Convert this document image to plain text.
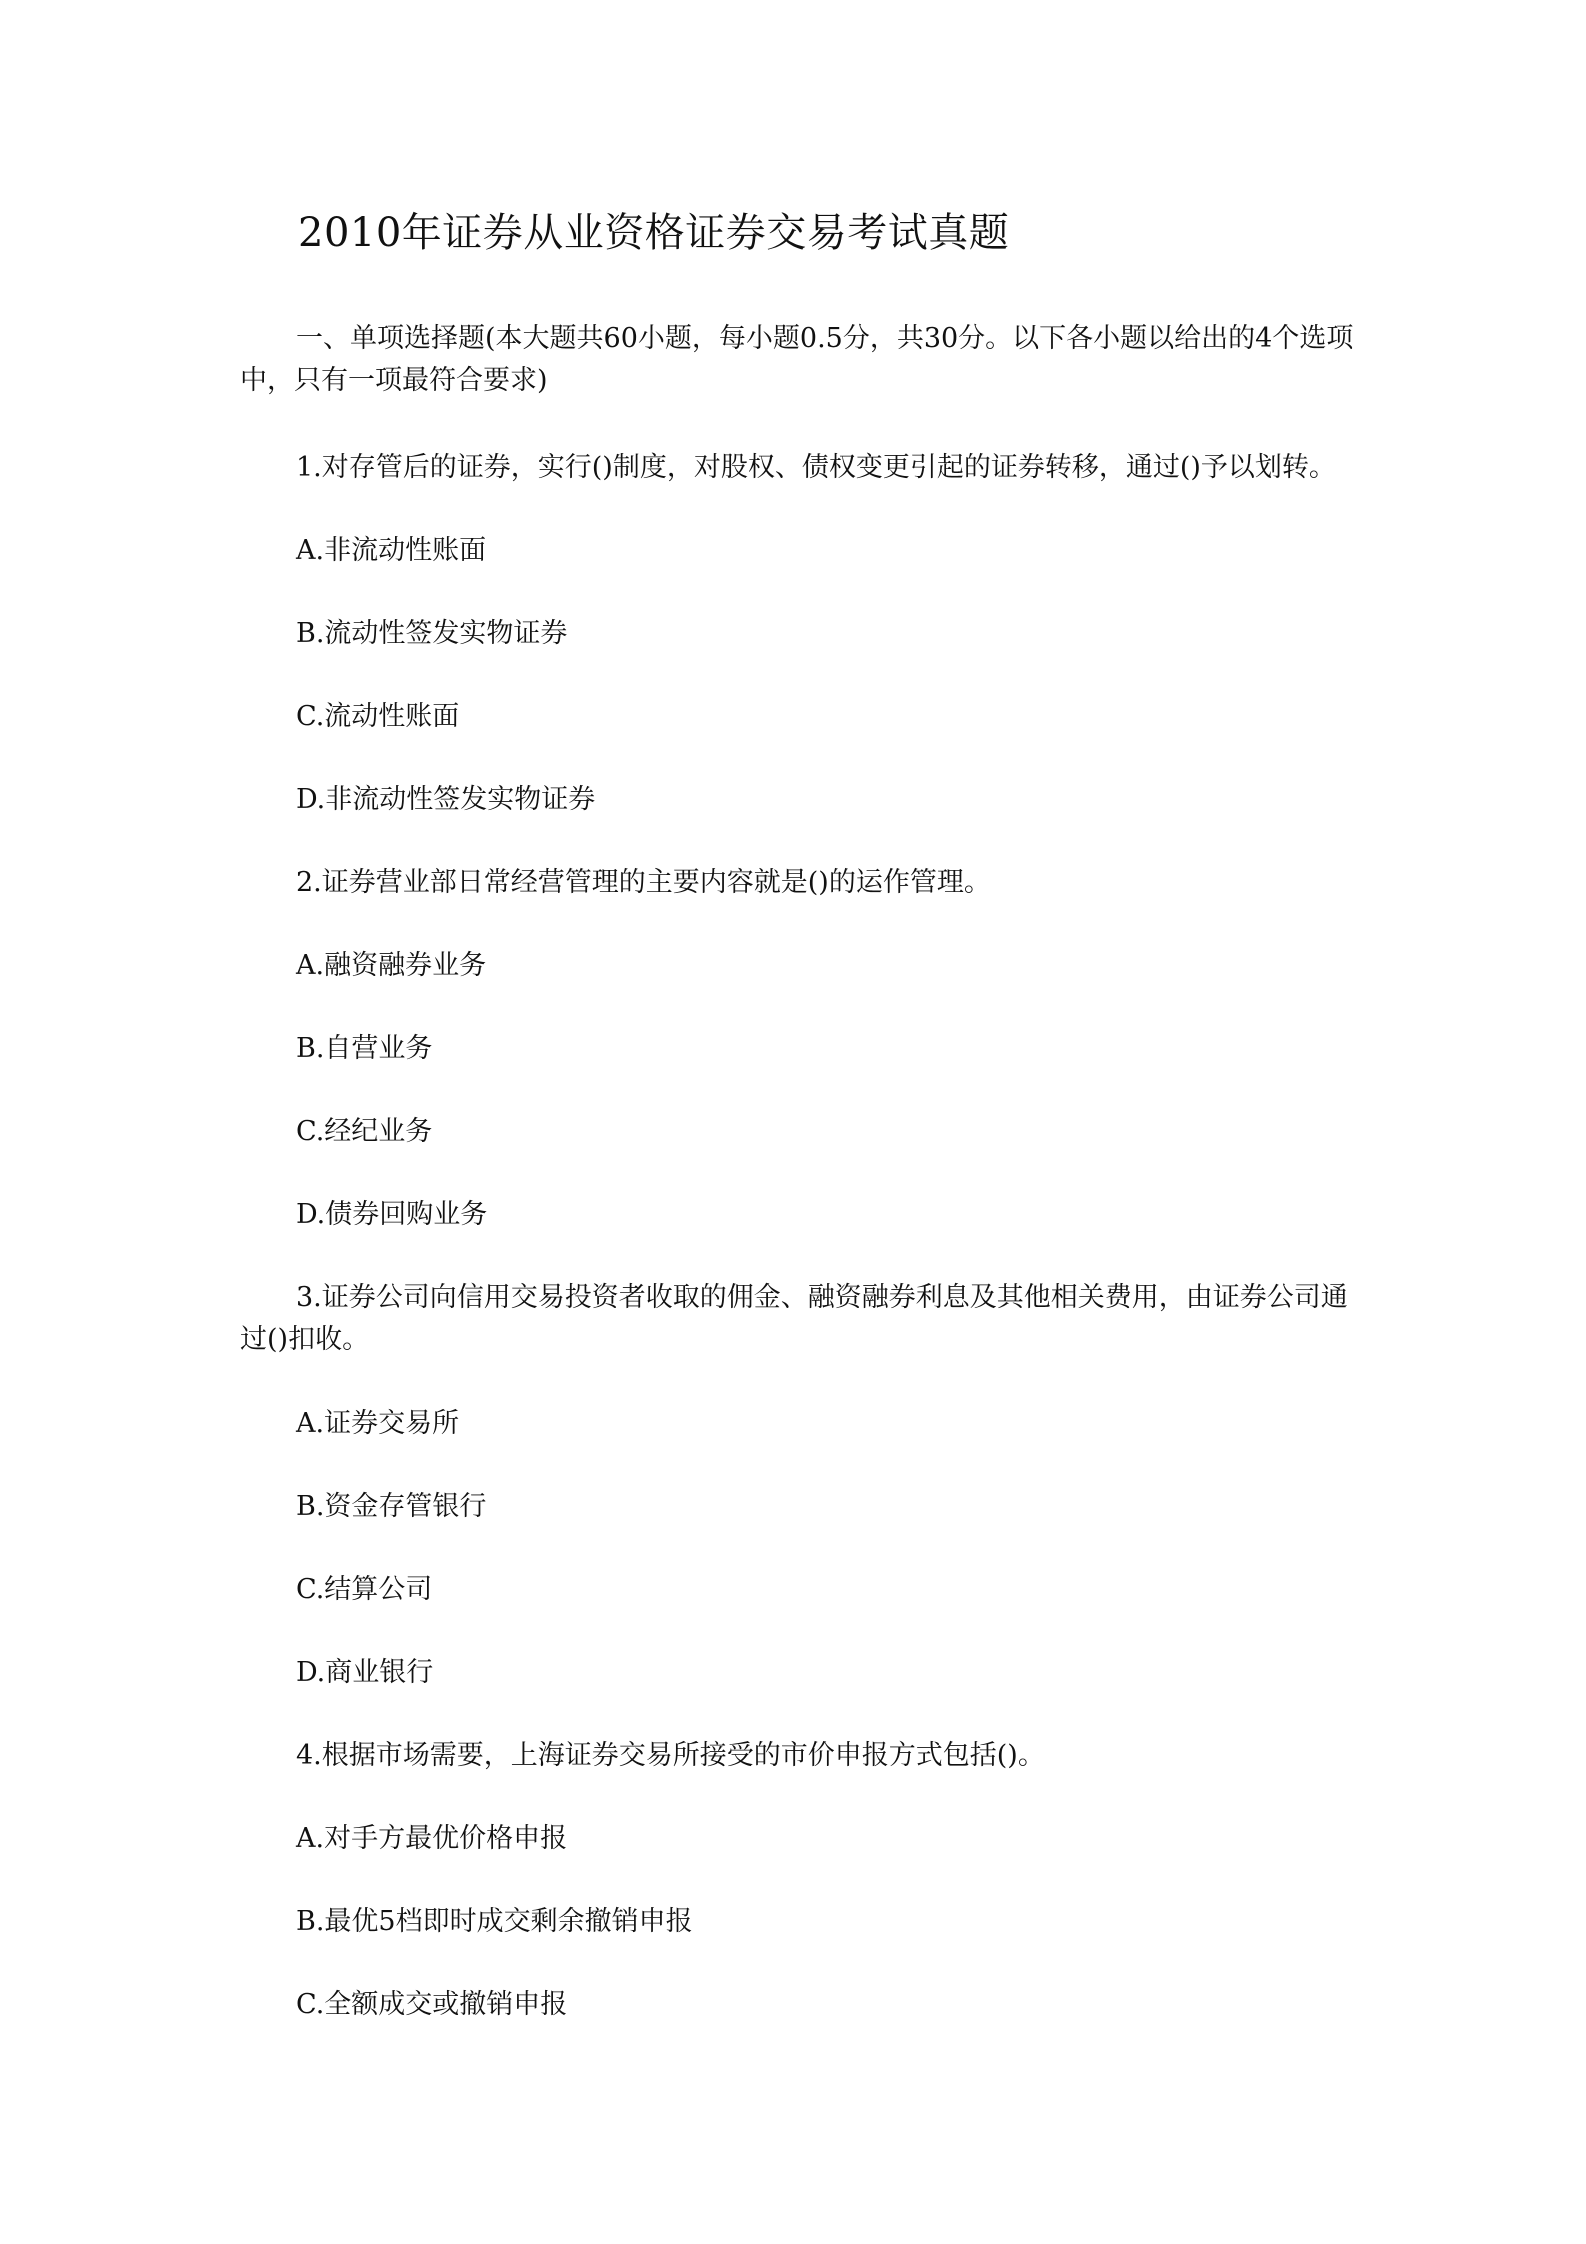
2010年证券从业资格证券交易考试真题

一、单项选择题(本大题共60小题，每小题0.5分，共30分。以下各小题以给出的4个选项中，只有一项最符合要求)

1.对存管后的证券，实行()制度，对股权、债权变更引起的证券转移，通过()予以划转。

A.非流动性账面

B.流动性签发实物证券

C.流动性账面

D.非流动性签发实物证券

2.证券营业部日常经营管理的主要内容就是()的运作管理。

A.融资融券业务

B.自营业务

C.经纪业务

D.债券回购业务

3.证券公司向信用交易投资者收取的佣金、融资融券利息及其他相关费用，由证券公司通过()扣收。

A.证券交易所

B.资金存管银行

C.结算公司

D.商业银行

4.根据市场需要，上海证券交易所接受的市价申报方式包括()。

A.对手方最优价格申报

B.最优5档即时成交剩余撤销申报

C.全额成交或撤销申报
